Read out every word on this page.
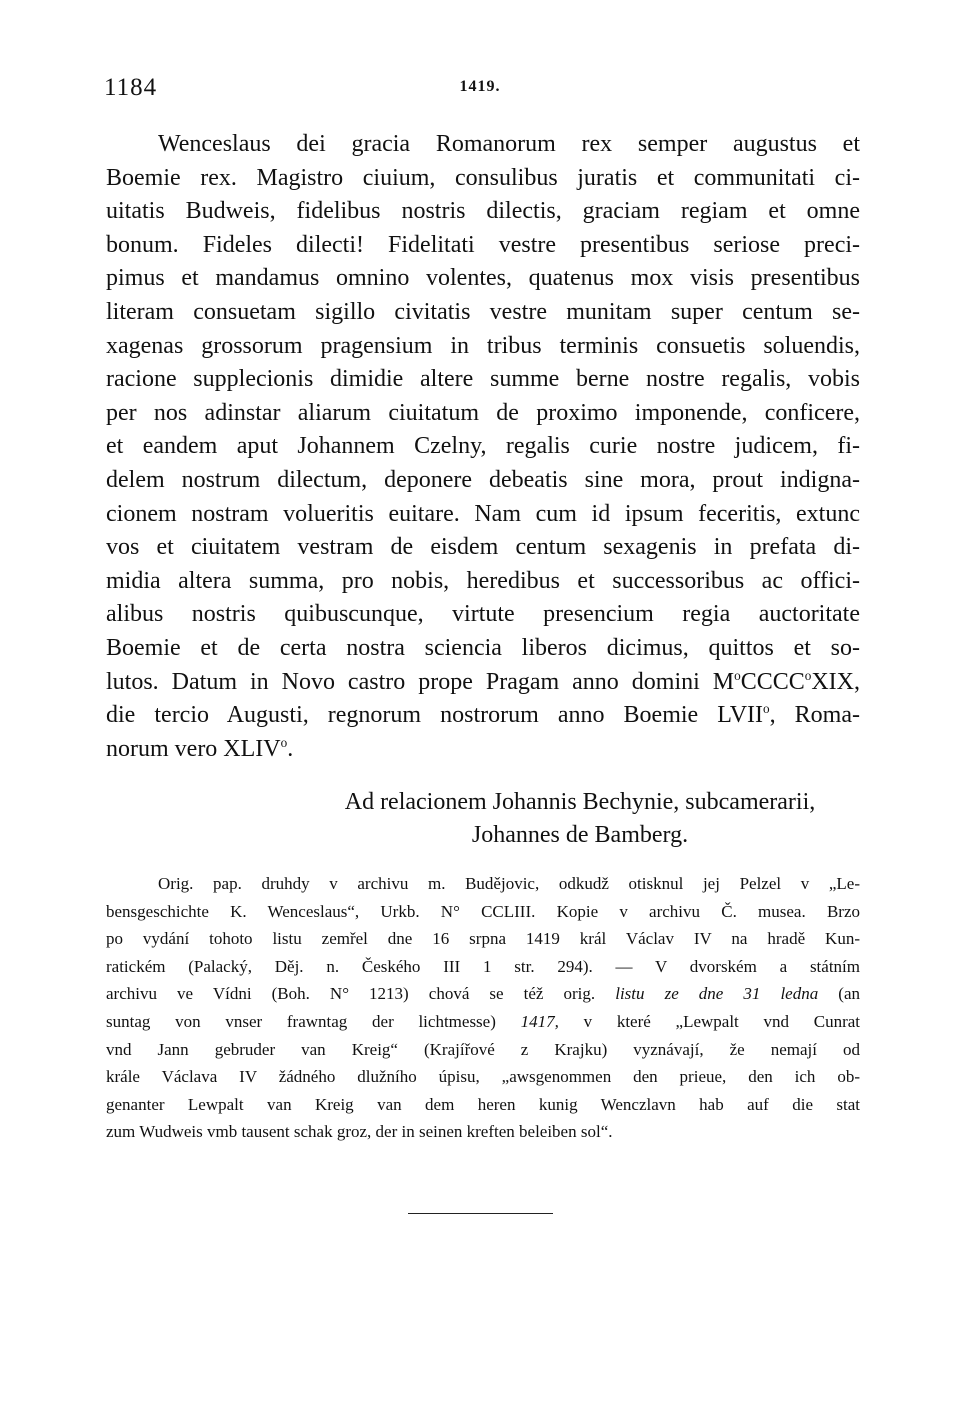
1184	1419.
Wenceslaus dei gracia Romanorum rex semper augustus et
Boemie rex. Magistro ciuium, consulibus juratis et communitati ci-
uitatis Budweis, fidelibus nostris dilectis, graciam regiam et omne
bonum. Fideles dilecti! Fidelitati vestre presentibus seriose preci-
pimus et mandamus omnino volentes, quatenus mox visis presentibus
literam consuetam sigillo civitatis vestre munitam super centum se-
xagenas grossorum pragensium in tribus terminis consuetis soluendis,
racione supplecionis dimidie altere summe berne nostre regalis, vobis
per nos adinstar aliarum ciuitatum de proximo imponende, conficere,
et eandem aput Johannem Czelny, regalis curie nostre judicem, fi-
delem nostrum dilectum, deponere debeatis sine mora, prout indigna-
cionem nostram volueritis euitare. Nam cum id ipsum feceritis, extunc
vos et ciuitatem vestram de eisdem centum sexagenis in prefata di-
midia altera summa, pro nobis, heredibus et successoribus ac offici-
alibus nostris quibuscunque, virtute presencium regia auctoritate
Boemie et de certa nostra sciencia liberos dicimus, quittos et so-
lutos. Datum in Novo castro prope Pragam anno domini $M^oCCCC^oXIX$,
die tercio Augusti, regnorum nostrorum anno Boemie LVII$^o$, Roma-
norum vero XLIV$^o$.
Ad relacionem Johannis Bechynie, subcamerarii,
Johannes de Bamberg.
Orig. pap. druhdy v archivu m. Budějovic, odkudž otisknul jej Pelzel v „Le-
bensgeschichte K. Wenceslaus“, Urkb. N° CCLIII. Kopie v archivu Č. musea. Brzo
po vydání tohoto listu zemřel dne 16 srpna 1419 král Václav IV na hradě Kun-
ratickém (Palacký, Děj. n. Českého III 1 str. 294). — V dvorském a státním
archivu ve Vídni (Boh. N° 1213) chová se též orig. listu ze dne 31 ledna (an
suntag von vnser frawntag der lichtmesse) 1417, v které „Lewpalt vnd Cunrat
vnd Jann gebruder van Kreig“ (Krajířové z Krajku) vyznávají, že nemají od
krále Václava IV žádného dlužního úpisu, „awsgenommen den prieue, den ich ob-
genanter Lewpalt van Kreig van dem heren kunig Wenczlavn hab auf die stat
zum Wudweis vmb tausent schak groz, der in seinen kreften beleiben sol“.
